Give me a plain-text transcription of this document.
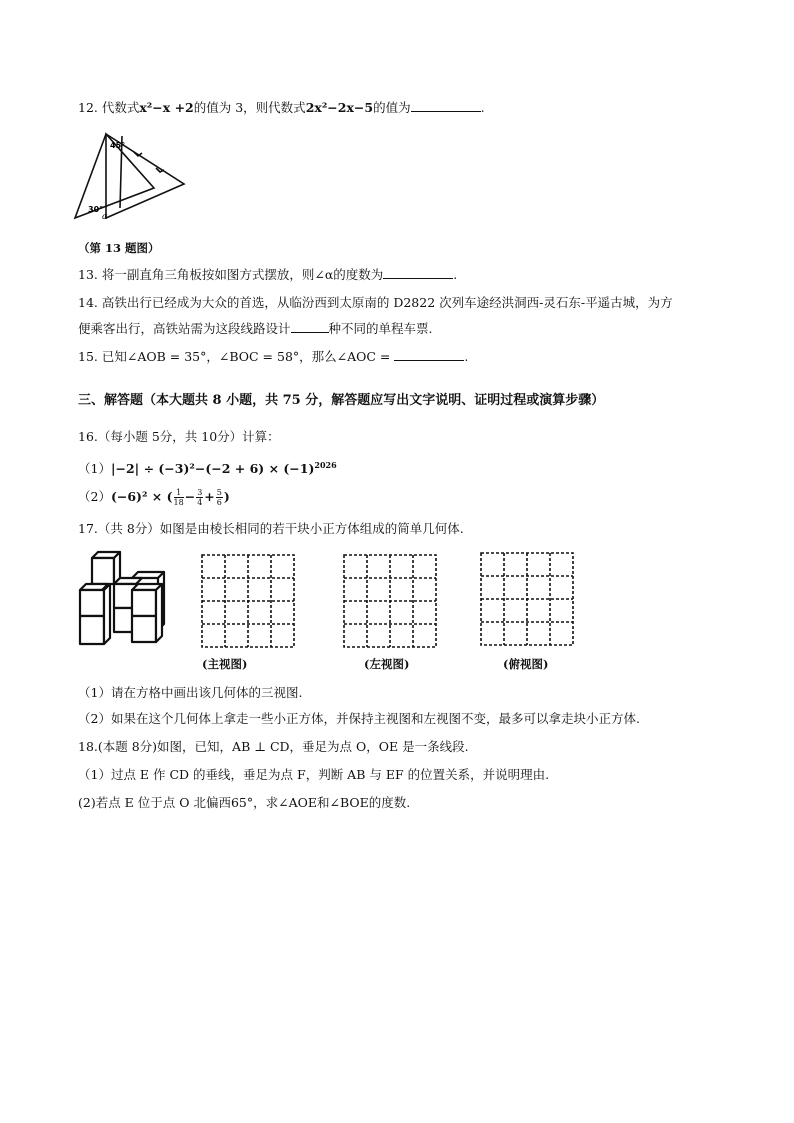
12. 代数式x²−x +2的值为 3，则代数式2x²−2x−5的值为	.
45°
30°
α
（第 13 题图）
13. 将一副直角三角板按如图方式摆放，则∠α的度数为	.
14. 高铁出行已经成为大众的首选，从临汾西到太原南的 D2822 次列车途经洪洞西-灵石东-平遥古城，为方
便乘客出行，高铁站需为这段线路设计	种不同的单程车票.
15. 已知∠AOB = 35°，∠BOC = 58°，那么∠AOC =	.
三、解答题（本大题共 8 小题，共 75 分，解答题应写出文字说明、证明过程或演算步骤）
16.（每小题 5分，共 10分）计算：
$(1)|-2| \div (-3)^2-(-2 + 6) \times (-1)^{2026}$
（2）(−6)² × ( $\frac{1}{18} - \frac{3}{4} + \frac{5}{6}$ )
17.（共 8分）如图是由棱长相同的若干块小正方体组成的简单几何体.
(主视图)	(左视图)	(俯视图)
（1）请在方格中画出该几何体的三视图.
（2）如果在这个几何体上拿走一些小正方体，并保持主视图和左视图不变，最多可以拿走块小正方体.
18.(本题 8分)如图，已知，AB ⊥ CD，垂足为点 O，OE 是一条线段.
（1）过点 E 作 CD 的垂线，垂足为点 F，判断 AB 与 EF 的位置关系，并说明理由.
(2)若点 E 位于点 O 北偏西65°，求∠AOE和∠BOE的度数.
